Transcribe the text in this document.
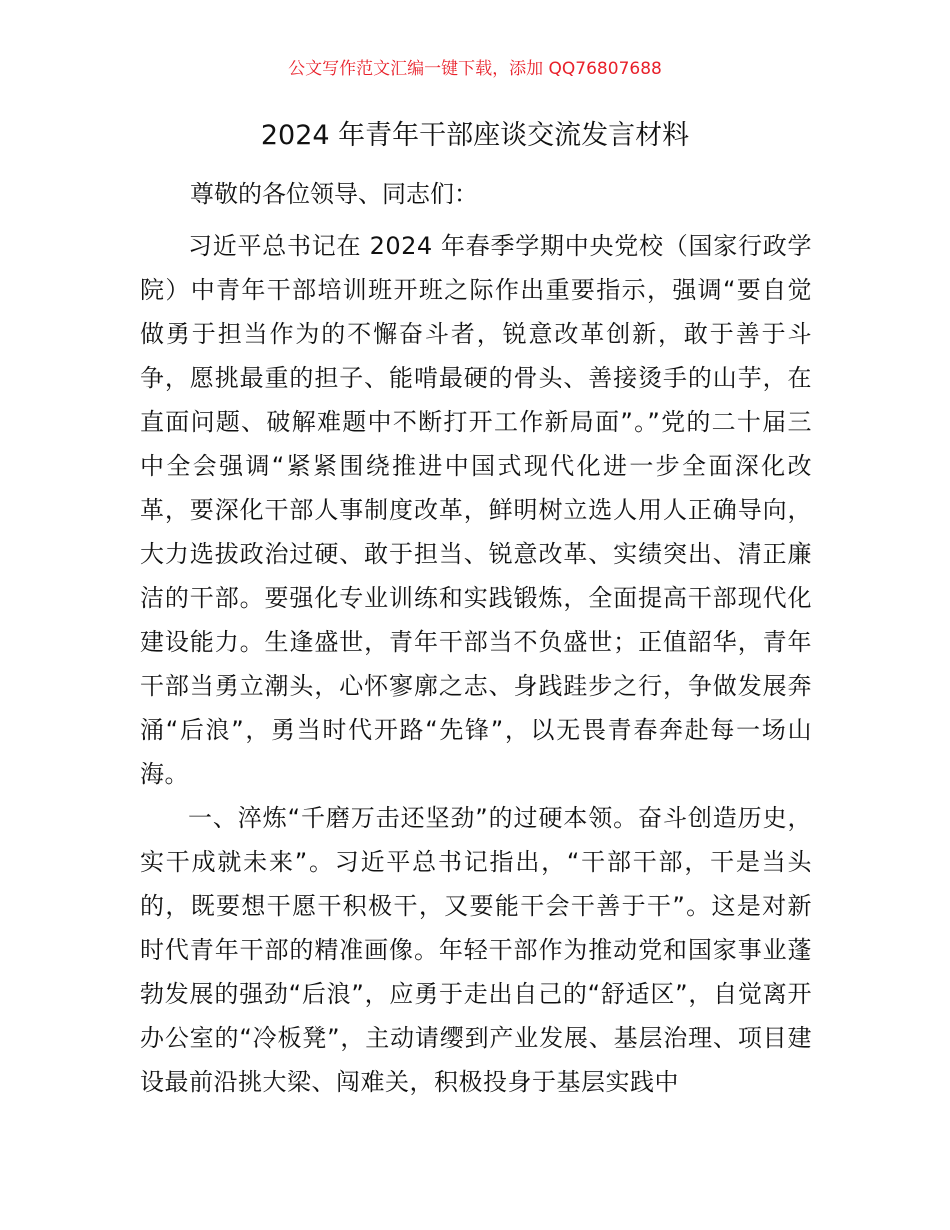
公文写作范文汇编一键下载，添加 QQ76807688
2024 年青年干部座谈交流发言材料

尊敬的各位领导、同志们：

习近平总书记在 2024 年春季学期中央党校（国家行政学院）中青年干部培训班开班之际作出重要指示，强调“要自觉做勇于担当作为的不懈奋斗者，锐意改革创新，敢于善于斗争，愿挑最重的担子、能啃最硬的骨头、善接烫手的山芋，在直面问题、破解难题中不断打开工作新局面”。”党的二十届三中全会强调“紧紧围绕推进中国式现代化进一步全面深化改革，要深化干部人事制度改革，鲜明树立选人用人正确导向，大力选拔政治过硬、敢于担当、锐意改革、实绩突出、清正廉洁的干部。要强化专业训练和实践锻炼，全面提高干部现代化建设能力。生逢盛世，青年干部当不负盛世；正值韶华，青年干部当勇立潮头，心怀寥廓之志、身践跬步之行，争做发展奔涌“后浪”，勇当时代开路“先锋”，以无畏青春奔赴每一场山海。

一、淬炼“千磨万击还坚劲”的过硬本领。奋斗创造历史，实干成就未来”。习近平总书记指出，“干部干部，干是当头的，既要想干愿干积极干，又要能干会干善于干”。这是对新时代青年干部的精准画像。年轻干部作为推动党和国家事业蓬勃发展的强劲“后浪”，应勇于走出自己的“舒适区”，自觉离开办公室的“冷板凳”，主动请缨到产业发展、基层治理、项目建设最前沿挑大梁、闯难关，积极投身于基层实践中
